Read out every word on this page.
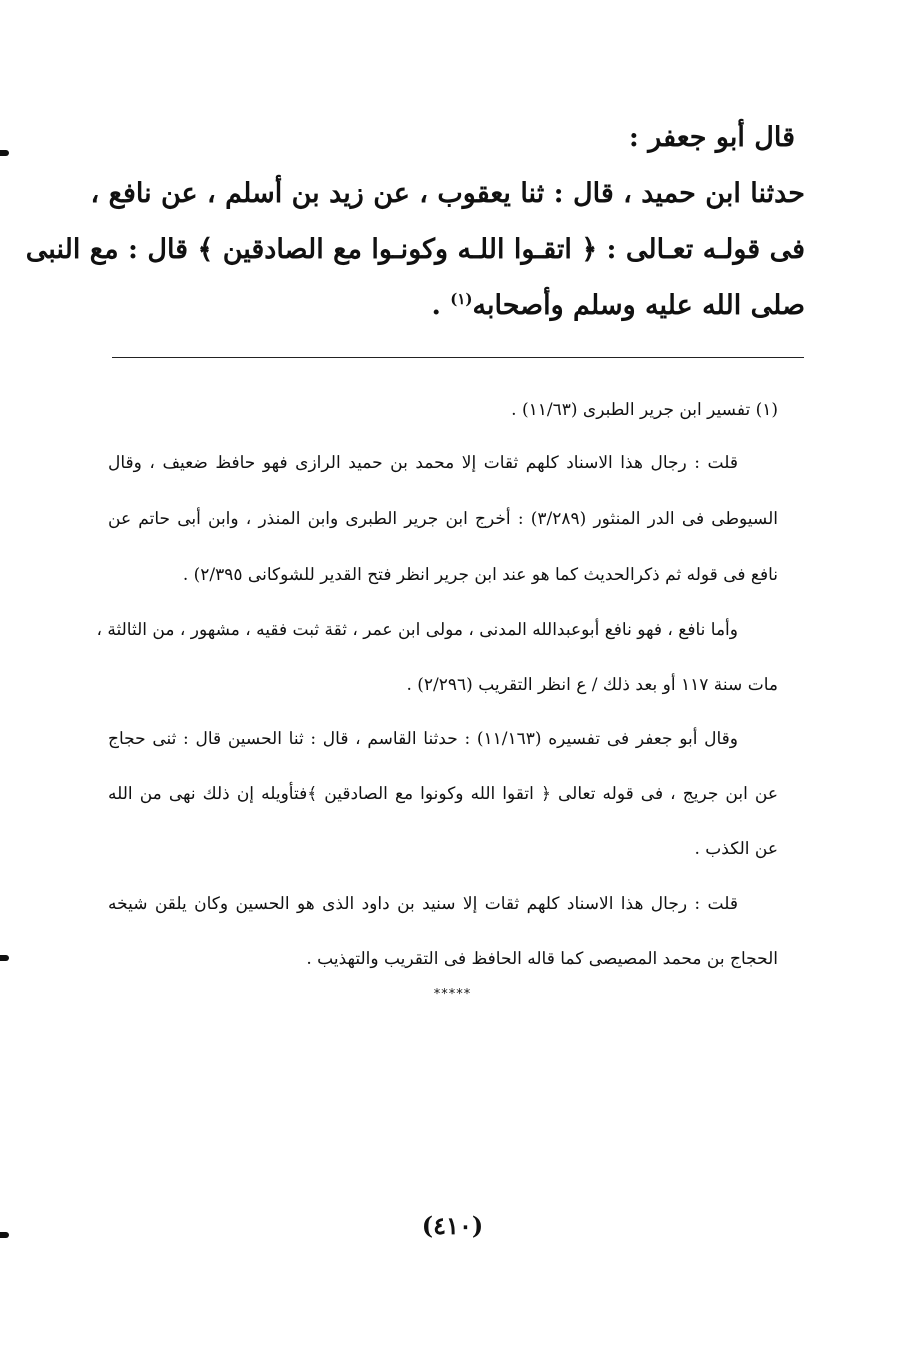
قال أبو جعفر :
حدثنا ابن حميد ، قال : ثنا يعقوب ، عن زيد بن أسلم ، عن نافع ،
فى قولـه تعـالى : ﴿ اتقـوا اللـه وكونـوا مع الصادقين ﴾ قال : مع النبى
صلى الله عليه وسلم وأصحابه$^{(١)}$ .
(١) تفسير ابن جرير الطبرى (١١/٦٣) .
قلت : رجال هذا الاسناد كلهم ثقات إلا محمد بن حميد الرازى فهو حافظ ضعيف ، وقال
السيوطى فى الدر المنثور (٣/٢٨٩) : أخرج ابن جرير الطبرى وابن المنذر ، وابن أبى حاتم عن
نافع فى قوله ثم ذكرالحديث كما هو عند ابن جرير انظر فتح القدير للشوكانى ٢/٣٩٥) .
وأما نافع ، فهو نافع أبوعبدالله المدنى ، مولى ابن عمر ، ثقة ثبت فقيه ، مشهور ، من الثالثة ،
مات سنة ١١٧ أو بعد ذلك / ع انظر التقريب (٢/٢٩٦) .
وقال أبو جعفر فى تفسيره (١١/١٦٣) : حدثنا القاسم ، قال : ثنا الحسين قال : ثنى حجاج
عن ابن جريج ، فى قوله تعالى ﴿ اتقوا الله وكونوا مع الصادقين ﴾فتأويله إن ذلك نهى من الله
عن الكذب .
قلت : رجال هذا الاسناد كلهم ثقات إلا سنيد بن داود الذى هو الحسين وكان يلقن شيخه
الحجاج بن محمد المصيصى كما قاله الحافظ فى التقريب والتهذيب .
*****
(٤١٠)
